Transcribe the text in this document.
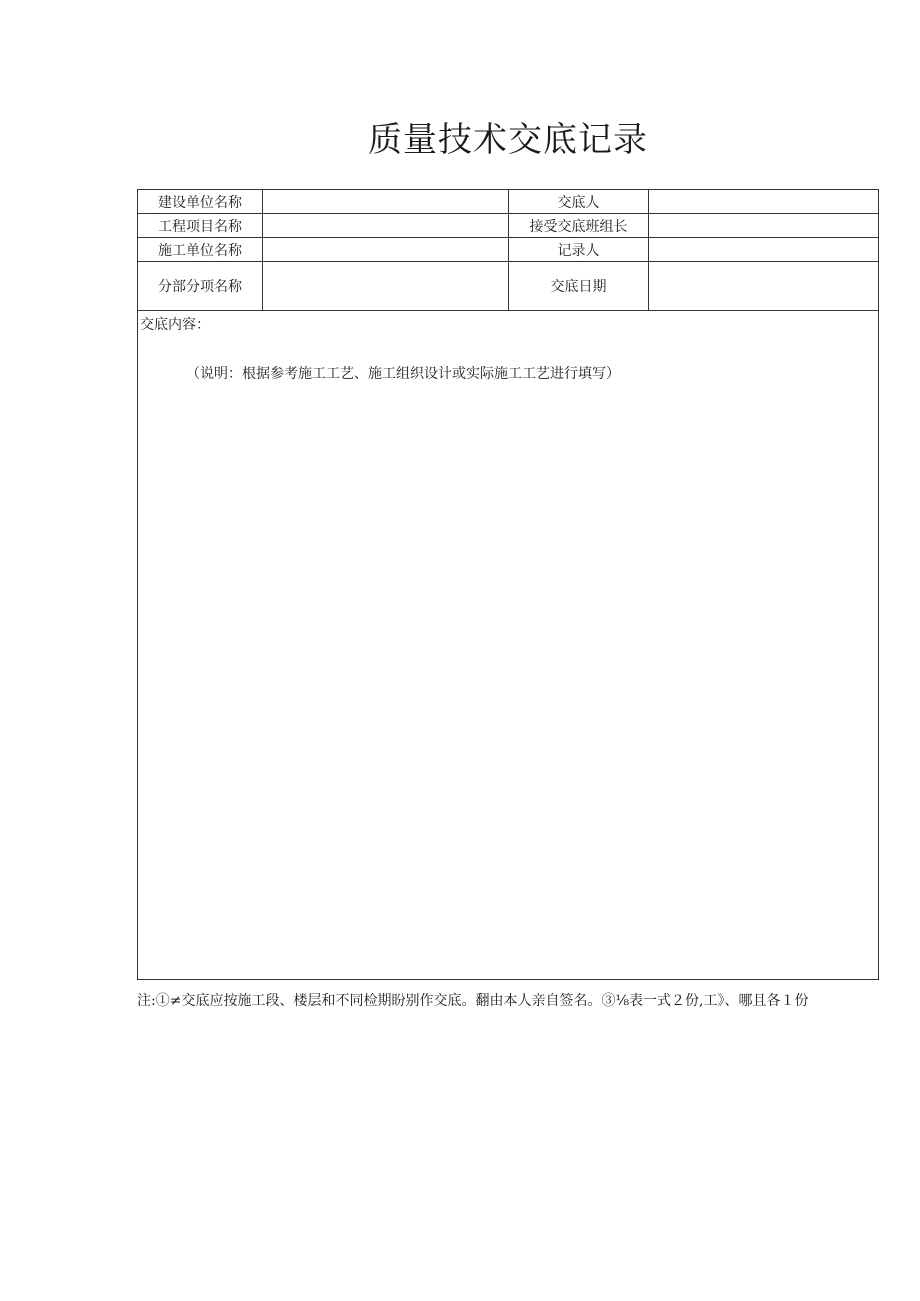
质量技术交底记录
建设单位名称		交底人	
工程项目名称		接受交底班组长	
施工单位名称		记录人	
分部分项名称		交底日期	

交底内容：
（说明：根据参考施工工艺、施工组织设计或实际施工工艺进行填写）			
注:①≠交底应按施工段、楼层和不同检期盼别作交底。翻由本人亲自签名。③⅛表一式２份,工》、哪且各１份
